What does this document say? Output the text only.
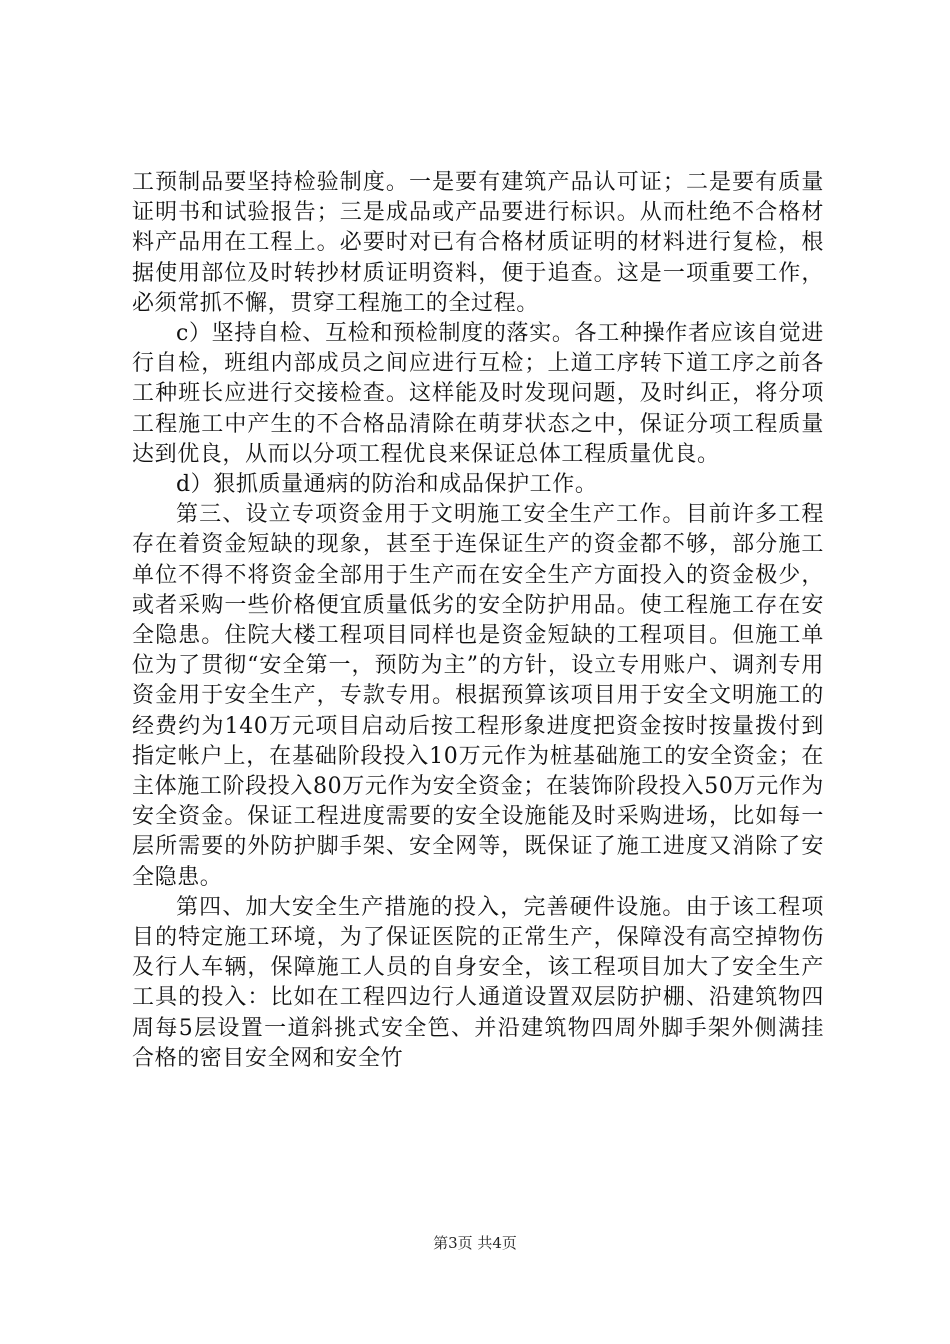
工预制品要坚持检验制度。一是要有建筑产品认可证；二是要有质量证明书和试验报告；三是成品或产品要进行标识。从而杜绝不合格材料产品用在工程上。必要时对已有合格材质证明的材料进行复检，根据使用部位及时转抄材质证明资料，便于追查。这是一项重要工作，必须常抓不懈，贯穿工程施工的全过程。

c）坚持自检、互检和预检制度的落实。各工种操作者应该自觉进行自检，班组内部成员之间应进行互检；上道工序转下道工序之前各工种班长应进行交接检查。这样能及时发现问题，及时纠正，将分项工程施工中产生的不合格品清除在萌芽状态之中，保证分项工程质量达到优良，从而以分项工程优良来保证总体工程质量优良。

d）狠抓质量通病的防治和成品保护工作。

第三、设立专项资金用于文明施工安全生产工作。目前许多工程存在着资金短缺的现象，甚至于连保证生产的资金都不够，部分施工单位不得不将资金全部用于生产而在安全生产方面投入的资金极少，或者采购一些价格便宜质量低劣的安全防护用品。使工程施工存在安全隐患。住院大楼工程项目同样也是资金短缺的工程项目。但施工单位为了贯彻“安全第一，预防为主”的方针，设立专用账户、调剂专用资金用于安全生产，专款专用。根据预算该项目用于安全文明施工的经费约为140万元项目启动后按工程形象进度把资金按时按量拨付到指定帐户上，在基础阶段投入10万元作为桩基础施工的安全资金；在主体施工阶段投入80万元作为安全资金；在装饰阶段投入50万元作为安全资金。保证工程进度需要的安全设施能及时采购进场，比如每一层所需要的外防护脚手架、安全网等，既保证了施工进度又消除了安全隐患。

第四、加大安全生产措施的投入，完善硬件设施。由于该工程项目的特定施工环境，为了保证医院的正常生产，保障没有高空掉物伤及行人车辆，保障施工人员的自身安全，该工程项目加大了安全生产工具的投入：比如在工程四边行人通道设置双层防护棚、沿建筑物四周每5层设置一道斜挑式安全笆、并沿建筑物四周外脚手架外侧满挂合格的密目安全网和安全竹

第3页 共4页
